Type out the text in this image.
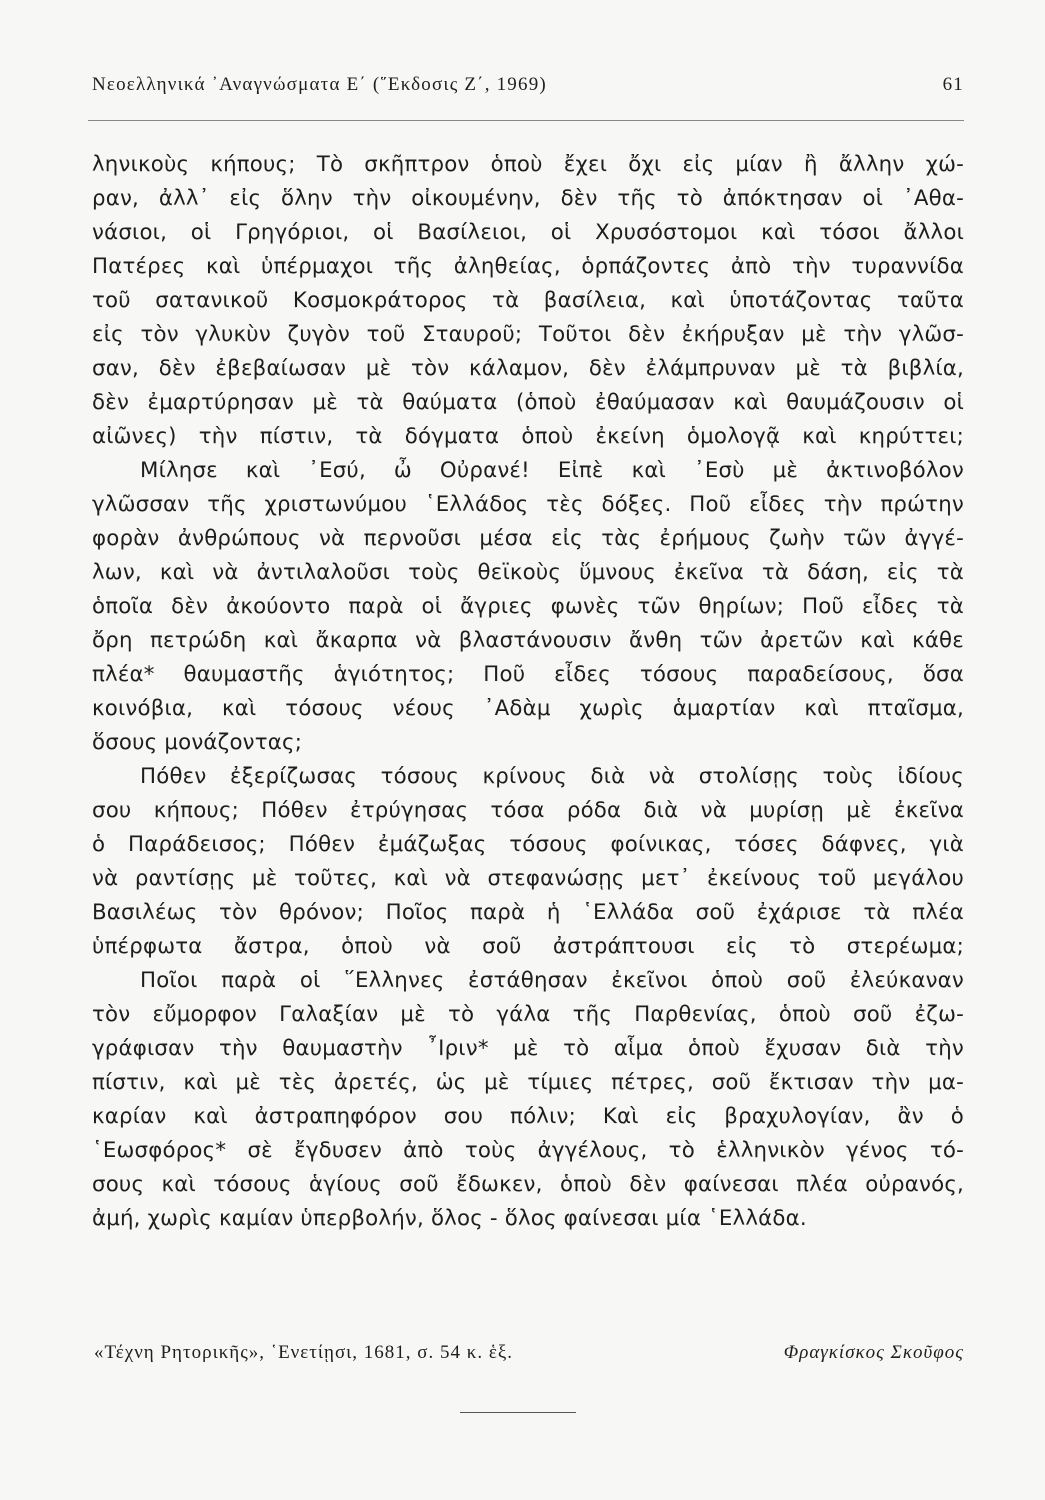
Νεοελληνικά ᾿Αναγνώσματα Ε΄ (῞Εκδοσις Ζ΄, 1969)	61
ληνικοὺς κήπους; Τὸ σκῆπτρον ὁποὺ ἔχει ὄχι εἰς μίαν ἢ ἄλλην χώ-
ραν, ἀλλ᾽ εἰς ὅλην τὴν οἰκουμένην, δὲν τῆς τὸ ἀπόκτησαν οἱ ᾽Αθα-
νάσιοι, οἱ Γρηγόριοι, οἱ Βασίλειοι, οἱ Χρυσόστομοι καὶ τόσοι ἄλλοι
Πατέρες καὶ ὑπέρμαχοι τῆς ἀληθείας, ὁρπάζοντες ἀπὸ τὴν τυραννίδα
τοῦ σατανικοῦ Κοσμοκράτορος τὰ βασίλεια, καὶ ὑποτάζοντας ταῦτα
εἰς τὸν γλυκὺν ζυγὸν τοῦ Σταυροῦ; Τοῦτοι δὲν ἐκήρυξαν μὲ τὴν γλῶσ-
σαν, δὲν ἐβεβαίωσαν μὲ τὸν κάλαμον, δὲν ἐλάμπρυναν μὲ τὰ βιβλία,
δὲν ἐμαρτύρησαν μὲ τὰ θαύματα (ὁποὺ ἐθαύμασαν καὶ θαυμάζουσιν οἱ
αἰῶνες) τὴν πίστιν, τὰ δόγματα ὁποὺ ἐκείνη ὁμολογᾷ καὶ κηρύττει;
Μίλησε καὶ ᾽Εσύ, ὦ Οὐρανέ! Εἰπὲ καὶ ᾽Εσὺ μὲ ἀκτινοβόλον
γλῶσσαν τῆς χριστωνύμου ῾Ελλάδος τὲς δόξες. Ποῦ εἶδες τὴν πρώτην
φορὰν ἀνθρώπους νὰ περνοῦσι μέσα εἰς τὰς ἐρήμους ζωὴν τῶν ἀγγέ-
λων, καὶ νὰ ἀντιλαλοῦσι τοὺς θεϊκοὺς ὕμνους ἐκεῖνα τὰ δάση, εἰς τὰ
ὁποῖα δὲν ἀκούοντο παρὰ οἱ ἄγριες φωνὲς τῶν θηρίων; Ποῦ εἶδες τὰ
ὄρη πετρώδη καὶ ἄκαρπα νὰ βλαστάνουσιν ἄνθη τῶν ἀρετῶν καὶ κάθε
πλέα* θαυμαστῆς ἁγιότητος; Ποῦ εἶδες τόσους παραδείσους, ὅσα
κοινόβια, καὶ τόσους νέους ᾽Αδὰμ χωρὶς ἁμαρτίαν καὶ πταῖσμα,
ὅσους μονάζοντας;
Πόθεν ἐξερίζωσας τόσους κρίνους διὰ νὰ στολίσῃς τοὺς ἰδίους
σου κήπους; Πόθεν ἐτρύγησας τόσα ρόδα διὰ νὰ μυρίσῃ μὲ ἐκεῖνα
ὁ Παράδεισος; Πόθεν ἐμάζωξας τόσους φοίνικας, τόσες δάφνες, γιὰ
νὰ ραντίσῃς μὲ τοῦτες, καὶ νὰ στεφανώσῃς μετ᾽ ἐκείνους τοῦ μεγάλου
Βασιλέως τὸν θρόνον; Ποῖος παρὰ ἡ ῾Ελλάδα σοῦ ἐχάρισε τὰ πλέα
ὑπέρφωτα ἄστρα, ὁποὺ νὰ σοῦ ἀστράπτουσι εἰς τὸ στερέωμα;
Ποῖοι παρὰ οἱ ῞Ελληνες ἐστάθησαν ἐκεῖνοι ὁποὺ σοῦ ἐλεύκαναν
τὸν εὔμορφον Γαλαξίαν μὲ τὸ γάλα τῆς Παρθενίας, ὁποὺ σοῦ ἐζω-
γράφισαν τὴν θαυμαστὴν ῏Ιριν* μὲ τὸ αἷμα ὁποὺ ἔχυσαν διὰ τὴν
πίστιν, καὶ μὲ τὲς ἀρετές, ὡς μὲ τίμιες πέτρες, σοῦ ἔκτισαν τὴν μα-
καρίαν καὶ ἀστραπηφόρον σου πόλιν; Καὶ εἰς βραχυλογίαν, ἂν ὁ
῾Εωσφόρος* σὲ ἔγδυσεν ἀπὸ τοὺς ἀγγέλους, τὸ ἑλληνικὸν γένος τό-
σους καὶ τόσους ἁγίους σοῦ ἔδωκεν, ὁποὺ δὲν φαίνεσαι πλέα οὐρανός,
ἀμή, χωρὶς καμίαν ὑπερβολήν, ὅλος - ὅλος φαίνεσαι μία ῾Ελλάδα.
«Τέχνη Ρητορικῆς», ῾Ενετίῃσι, 1681, σ. 54 κ. ἑξ.	Φραγκίσκος Σκοῦφος
